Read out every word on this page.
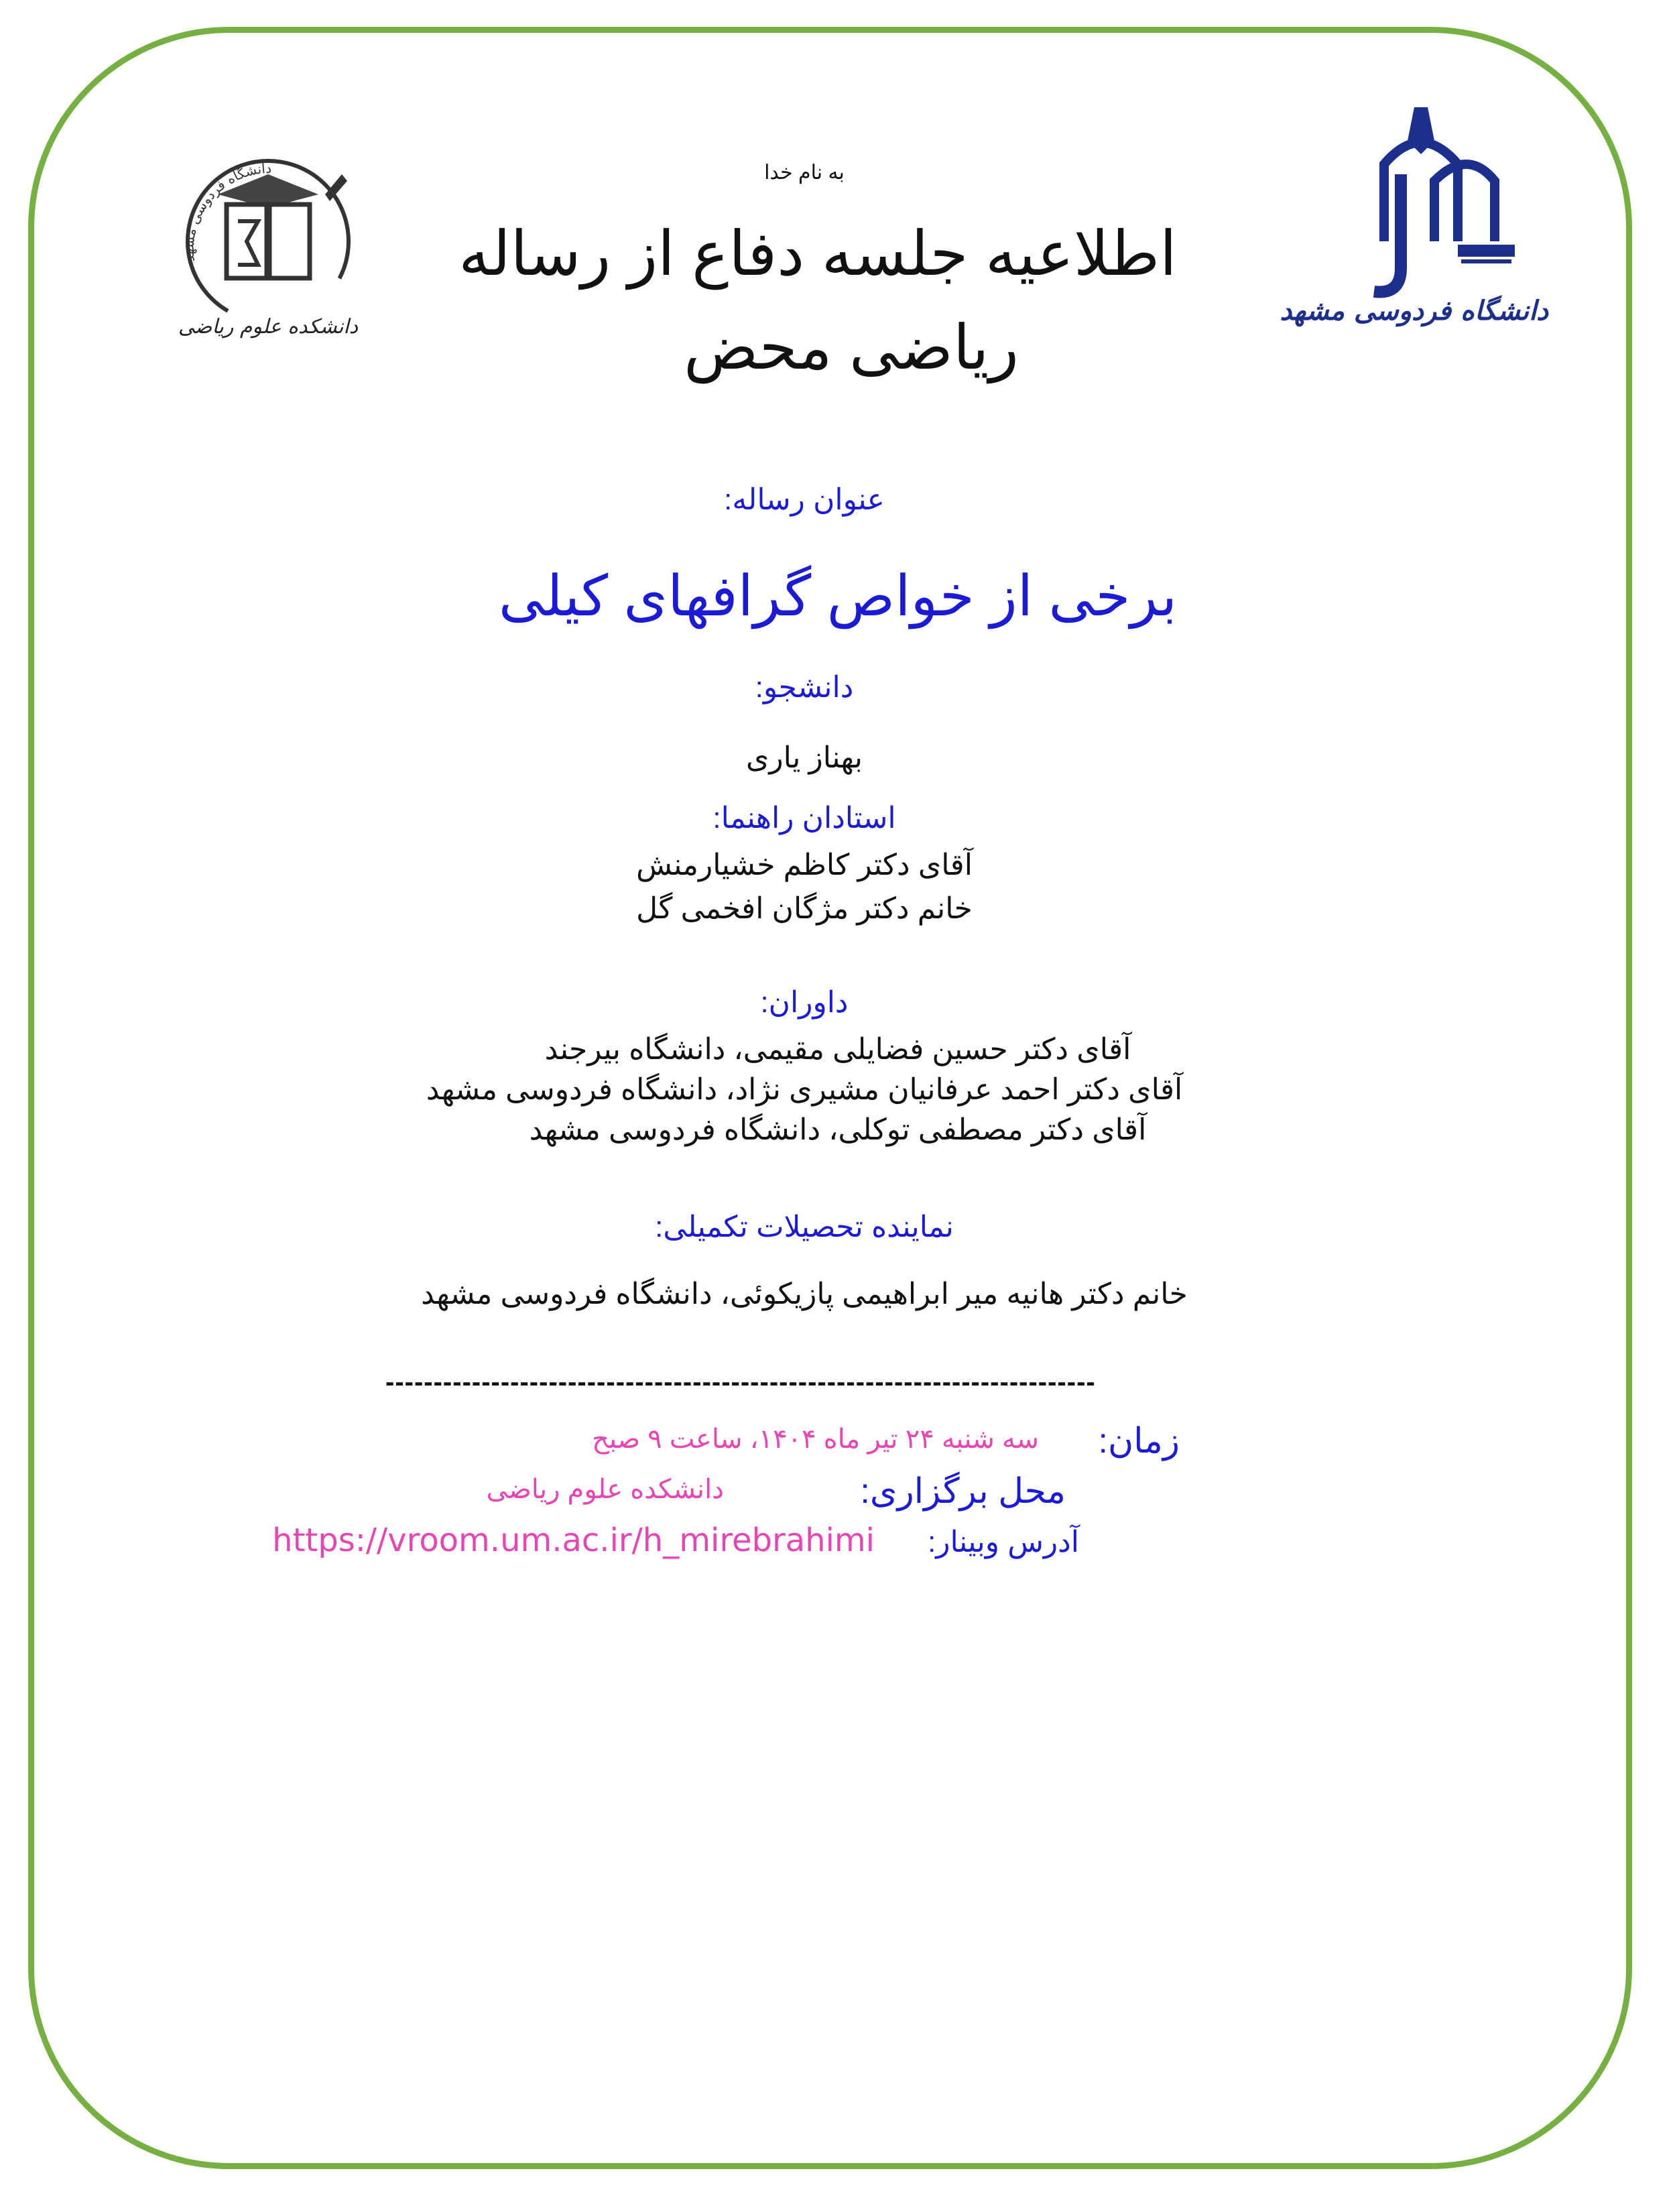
دانشگاه فردوسی مشهد
دانشکده علوم ریاضی
دانشگاه فردوسی مشهد
به نام خدا
اطلاعیه جلسه دفاع از رساله
ریاضی محض
عنوان رساله:
برخی از خواص گرافهای کیلی
دانشجو:
بهناز یاری
استادان راهنما:
آقای دکتر کاظم خشیارمنش
خانم دکتر مژگان افخمی گل
داوران:
آقای دکتر حسین فضایلی مقیمی، دانشگاه بیرجند
آقای دکتر احمد عرفانیان مشیری نژاد، دانشگاه فردوسی مشهد
آقای دکتر مصطفی توکلی، دانشگاه فردوسی مشهد
نماینده تحصیلات تکمیلی:
خانم دکتر هانیه میر ابراهیمی پازیکوئی، دانشگاه فردوسی مشهد
--------------------------------------------------------------------------
زمان:
سه شنبه ۲۴ تیر ماه ۱۴۰۴، ساعت ۹ صبح
محل برگزاری:
دانشکده علوم ریاضی
آدرس وبینار:
https://vroom.um.ac.ir/h_mirebrahimi
